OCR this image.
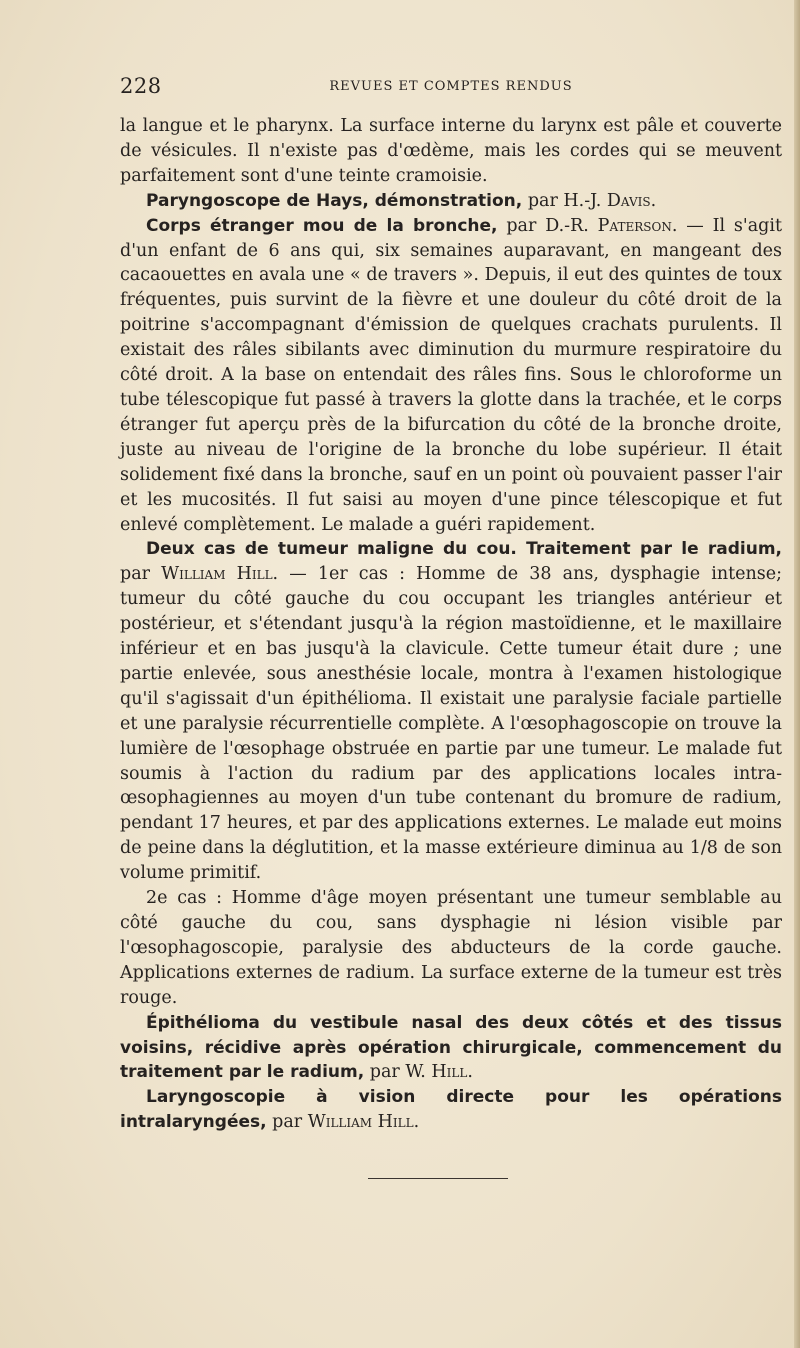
228	REVUES ET COMPTES RENDUS

la langue et le pharynx. La surface interne du larynx est pâle et couverte de vésicules. Il n'existe pas d'œdème, mais les cordes qui se meuvent parfaitement sont d'une teinte cramoisie.

Paryngoscope de Hays, démonstration, par H.-J. Davis.

Corps étranger mou de la bronche, par D.-R. Paterson. — Il s'agit d'un enfant de 6 ans qui, six semaines auparavant, en mangeant des cacaouettes en avala une « de travers ». Depuis, il eut des quintes de toux fréquentes, puis survint de la fièvre et une douleur du côté droit de la poitrine s'accompagnant d'émission de quelques crachats purulents. Il existait des râles sibilants avec diminution du murmure respiratoire du côté droit. A la base on entendait des râles fins. Sous le chloroforme un tube télescopique fut passé à travers la glotte dans la trachée, et le corps étranger fut aperçu près de la bifurcation du côté de la bronche droite, juste au niveau de l'origine de la bronche du lobe supérieur. Il était solidement fixé dans la bronche, sauf en un point où pouvaient passer l'air et les mucosités. Il fut saisi au moyen d'une pince télescopique et fut enlevé complètement. Le malade a guéri rapidement.

Deux cas de tumeur maligne du cou. Traitement par le radium, par William Hill. — 1er cas : Homme de 38 ans, dysphagie intense; tumeur du côté gauche du cou occupant les triangles antérieur et postérieur, et s'étendant jusqu'à la région mastoïdienne, et le maxillaire inférieur et en bas jusqu'à la clavicule. Cette tumeur était dure ; une partie enlevée, sous anesthésie locale, montra à l'examen histologique qu'il s'agissait d'un épithélioma. Il existait une paralysie faciale partielle et une paralysie récurrentielle complète. A l'œsophagoscopie on trouve la lumière de l'œsophage obstruée en partie par une tumeur. Le malade fut soumis à l'action du radium par des applications locales intra-œsophagiennes au moyen d'un tube contenant du bromure de radium, pendant 17 heures, et par des applications externes. Le malade eut moins de peine dans la déglutition, et la masse extérieure diminua au 1/8 de son volume primitif.

2e cas : Homme d'âge moyen présentant une tumeur semblable au côté gauche du cou, sans dysphagie ni lésion visible par l'œsophagoscopie, paralysie des abducteurs de la corde gauche. Applications externes de radium. La surface externe de la tumeur est très rouge.

Épithélioma du vestibule nasal des deux côtés et des tissus voisins, récidive après opération chirurgicale, commencement du traitement par le radium, par W. Hill.

Laryngoscopie à vision directe pour les opérations intralaryngées, par William Hill.
